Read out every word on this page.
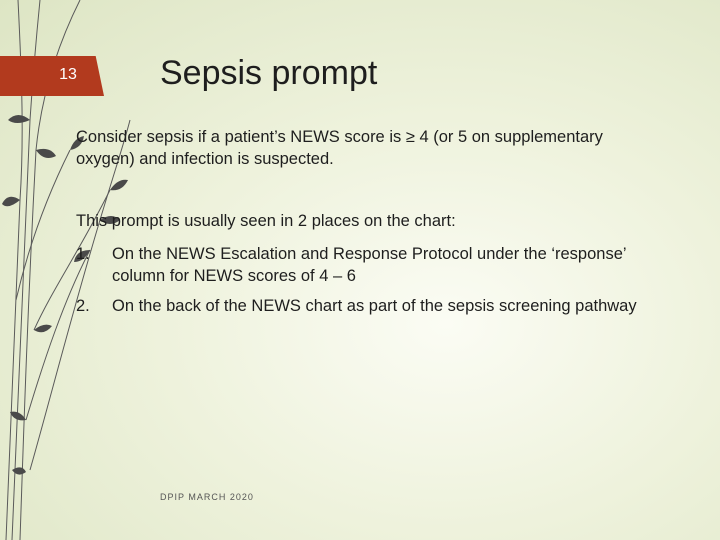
13 Sepsis prompt

Consider sepsis if a patient’s NEWS score is ≥ 4 (or 5 on supplementary oxygen) and infection is suspected.

This prompt is usually seen in 2 places on the chart:

1.	On the NEWS Escalation and Response Protocol under the ‘response’ column for NEWS scores of 4 – 6
2.	On the back of the NEWS chart as part of the sepsis screening pathway
DPIP MARCH 2020
